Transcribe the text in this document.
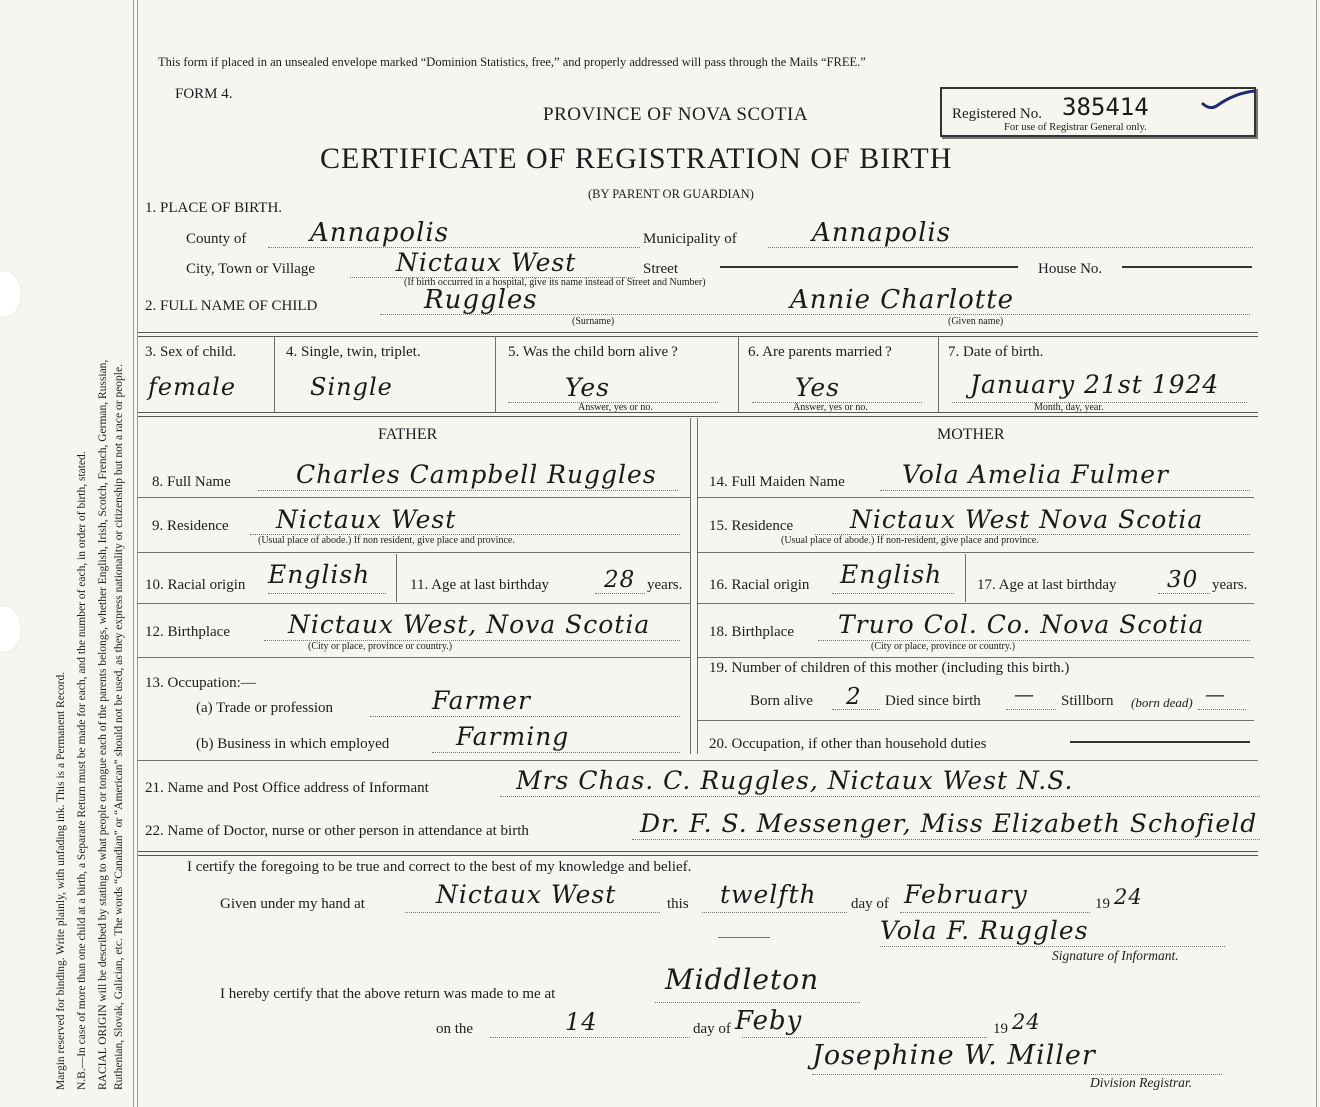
Margin reserved for binding. Write plainly, with unfading ink. This is a Permanent Record. N.B.—In case of more than one child at a birth, a Separate Return must be made for each, and the number of each, in order of birth, stated. RACIAL ORIGIN will be described by stating to what people or tongue each of the parents belongs, whether English, Irish, Scotch, French, German, Russian, Ruthenian, Slovak, Galician, etc. The words “Canadian” or “American” should not be used, as they express nationality or citizenship but not a race or people.
This form if placed in an unsealed envelope marked “Dominion Statistics, free,” and properly addressed will pass through the Mails “FREE.”
FORM 4.
PROVINCE OF NOVA SCOTIA	Registered No. 385414
For use of Registrar General only.
CERTIFICATE OF REGISTRATION OF BIRTH
(BY PARENT OR GUARDIAN)
1. PLACE OF BIRTH.
County of Annapolis	Municipality of	Annapolis
City, Town or Village	Nictaux West	Street
(If birth occurred in a hospital, give its name instead of Street and Number)
House No.
2. FULL NAME OF CHILD	Ruggles
(Surname)
Annie Charlotte
(Given name)
3. Sex of child.
female
4. Single, twin, triplet.
Single
5. Was the child born alive ?
Yes
Answer, yes or no.
6. Are parents married ?
Yes
Answer, yes or no.
7. Date of birth.
January 21st 1924
Month, day, year.
FATHER	MOTHER
8. Full Name	Charles Campbell Ruggles
9. Residence Nictaux West
(Usual place of abode.) If non resident, give place and province.
10. Racial origin English	11. Age at last birthday 28 years.
12. Birthplace Nictaux West, Nova Scotia
(City or place, province or country.)
13. Occupation:—
(a) Trade or profession	Farmer
(b) Business in which employed	Farming
14. Full Maiden Name Vola Amelia Fulmer
15. Residence Nictaux West Nova Scotia
(Usual place of abode.) If non-resident, give place and province.
16. Racial origin English 17. Age at last birthday 30 years.
18. Birthplace Truro Col. Co. Nova Scotia
(City or place, province or country.)
19. Number of children of this mother (including this birth.)
Born alive 2 Died since birth — Stillborn (born dead) —
20. Occupation, if other than household duties
21. Name and Post Office address of Informant	Mrs Chas. C. Ruggles, Nictaux West N.S.
22. Name of Doctor, nurse or other person in attendance at birth	Dr. F. S. Messenger, Miss Elizabeth Schofield
I certify the foregoing to be true and correct to the best of my knowledge and belief.
Given under my hand at	Nictaux West	this twelfth day of February	19 24
Vola F. Ruggles
Signature of Informant.
I hereby certify that the above return was made to me at	Middleton
on the	14	day of Feby	19 24
Josephine W. Miller
Division Registrar.
